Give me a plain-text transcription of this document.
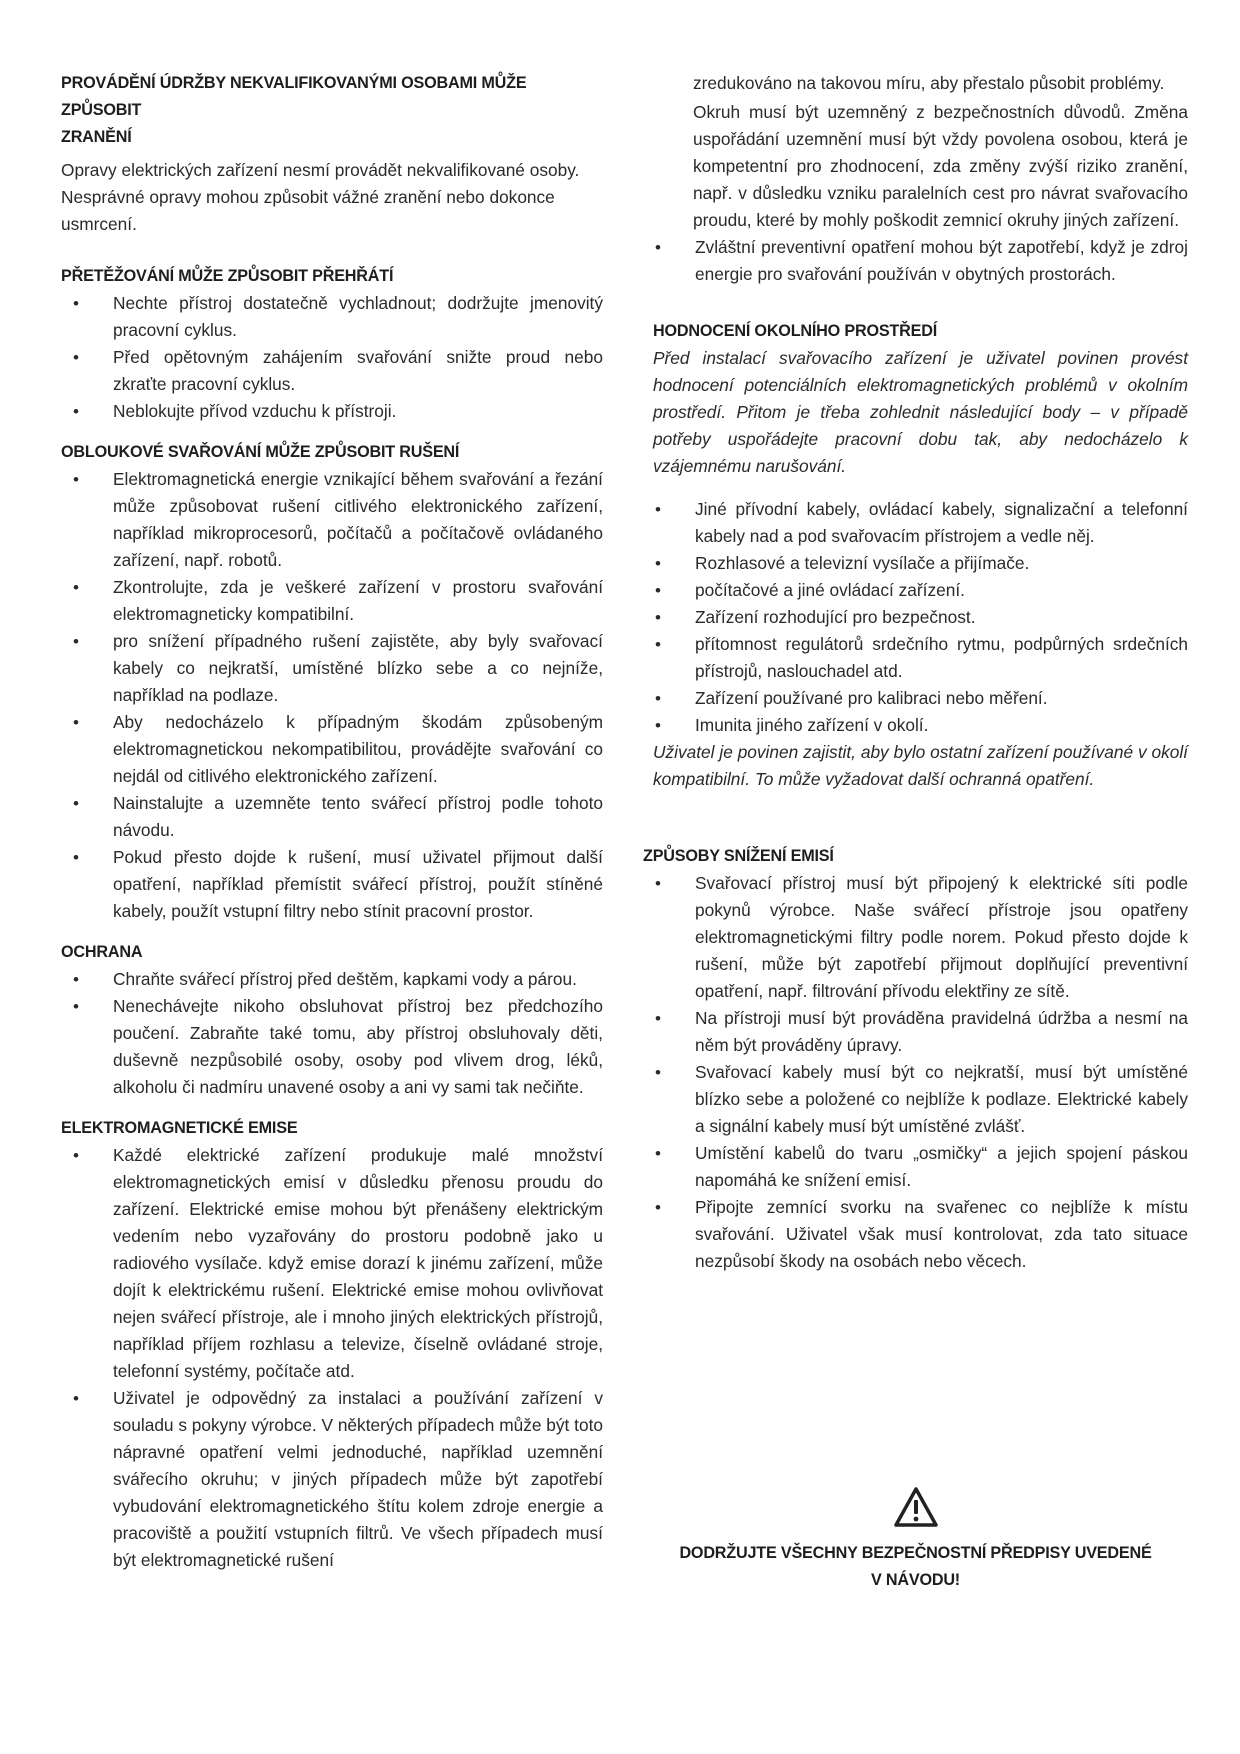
PROVÁDĚNÍ ÚDRŽBY NEKVALIFIKOVANÝMI OSOBAMI MŮŽE ZPŮSOBIT

ZRANĚNÍ

Opravy elektrických zařízení nesmí provádět nekvalifikované osoby. Nesprávné opravy mohou způsobit vážné zranění nebo dokonce usmrcení.

PŘETĚŽOVÁNÍ MŮŽE ZPŮSOBIT PŘEHŘÁTÍ

• Nechte přístroj dostatečně vychladnout; dodržujte jmenovitý pracovní cyklus.
• Před opětovným zahájením svařování snižte proud nebo zkraťte pracovní cyklus.
• Neblokujte přívod vzduchu k přístroji.

OBLOUKOVÉ SVAŘOVÁNÍ MŮŽE ZPŮSOBIT RUŠENÍ

• Elektromagnetická energie vznikající během svařování a řezání může způsobovat rušení citlivého elektronického zařízení, například mikroprocesorů, počítačů a počítačově ovládaného zařízení, např. robotů.
• Zkontrolujte, zda je veškeré zařízení v prostoru svařování elektromagneticky kompatibilní.
• pro snížení případného rušení zajistěte, aby byly svařovací kabely co nejkratší, umístěné blízko sebe a co nejníže, například na podlaze.
• Aby nedocházelo k případným škodám způsobeným elektromagnetickou nekompatibilitou, provádějte svařování co nejdál od citlivého elektronického zařízení.
• Nainstalujte a uzemněte tento svářecí přístroj podle tohoto návodu.
• Pokud přesto dojde k rušení, musí uživatel přijmout další opatření, například přemístit svářecí přístroj, použít stíněné kabely, použít vstupní filtry nebo stínit pracovní prostor.

OCHRANA

• Chraňte svářecí přístroj před deštěm, kapkami vody a párou.
• Nenechávejte nikoho obsluhovat přístroj bez předchozího poučení. Zabraňte také tomu, aby přístroj obsluhovaly děti, duševně nezpůsobilé osoby, osoby pod vlivem drog, léků, alkoholu či nadmíru unavené osoby a ani vy sami tak nečiňte.

ELEKTROMAGNETICKÉ EMISE

• Každé elektrické zařízení produkuje malé množství elektromagnetických emisí v důsledku přenosu proudu do zařízení. Elektrické emise mohou být přenášeny elektrickým vedením nebo vyzařovány do prostoru podobně jako u radiového vysílače. když emise dorazí k jinému zařízení, může dojít k elektrickému rušení. Elektrické emise mohou ovlivňovat nejen svářecí přístroje, ale i mnoho jiných elektrických přístrojů, například příjem rozhlasu a televize, číselně ovládané stroje, telefonní systémy, počítače atd.
• Uživatel je odpovědný za instalaci a používání zařízení v souladu s pokyny výrobce. V některých případech může být toto nápravné opatření velmi jednoduché, například uzemnění svářecího okruhu; v jiných případech může být zapotřebí vybudování elektromagnetického štítu kolem zdroje energie a pracoviště a použití vstupních filtrů. Ve všech případech musí být elektromagnetické rušení

zredukováno na takovou míru, aby přestalo působit problémy.

Okruh musí být uzemněný z bezpečnostních důvodů. Změna uspořádání uzemnění musí být vždy povolena osobou, která je kompetentní pro zhodnocení, zda změny zvýší riziko zranění, např. v důsledku vzniku paralelních cest pro návrat svařovacího proudu, které by mohly poškodit zemnicí okruhy jiných zařízení.

• Zvláštní preventivní opatření mohou být zapotřebí, když je zdroj energie pro svařování používán v obytných prostorách.

HODNOCENÍ OKOLNÍHO PROSTŘEDÍ

Před instalací svařovacího zařízení je uživatel povinen provést hodnocení potenciálních elektromagnetických problémů v okolním prostředí. Přitom je třeba zohlednit následující body – v případě potřeby uspořádejte pracovní dobu tak, aby nedocházelo k vzájemnému narušování.

• Jiné přívodní kabely, ovládací kabely, signalizační a telefonní kabely nad a pod svařovacím přístrojem a vedle něj.
• Rozhlasové a televizní vysílače a přijímače.
• počítačové a jiné ovládací zařízení.
• Zařízení rozhodující pro bezpečnost.
• přítomnost regulátorů srdečního rytmu, podpůrných srdečních přístrojů, naslouchadel atd.
• Zařízení používané pro kalibraci nebo měření.
• Imunita jiného zařízení v okolí.

Uživatel je povinen zajistit, aby bylo ostatní zařízení používané v okolí kompatibilní. To může vyžadovat další ochranná opatření.

ZPŮSOBY SNÍŽENÍ EMISÍ

• Svařovací přístroj musí být připojený k elektrické síti podle pokynů výrobce. Naše svářecí přístroje jsou opatřeny elektromagnetickými filtry podle norem. Pokud přesto dojde k rušení, může být zapotřebí přijmout doplňující preventivní opatření, např. filtrování přívodu elektřiny ze sítě.
• Na přístroji musí být prováděna pravidelná údržba a nesmí na něm být prováděny úpravy.
• Svařovací kabely musí být co nejkratší, musí být umístěné blízko sebe a položené co nejblíže k podlaze. Elektrické kabely a signální kabely musí být umístěné zvlášť.
• Umístění kabelů do tvaru „osmičky“ a jejich spojení páskou napomáhá ke snížení emisí.
• Připojte zemnící svorku na svařenec co nejblíže k místu svařování. Uživatel však musí kontrolovat, zda tato situace nezpůsobí škody na osobách nebo věcech.

DODRŽUJTE VŠECHNY BEZPEČNOSTNÍ PŘEDPISY UVEDENÉ

V NÁVODU!
